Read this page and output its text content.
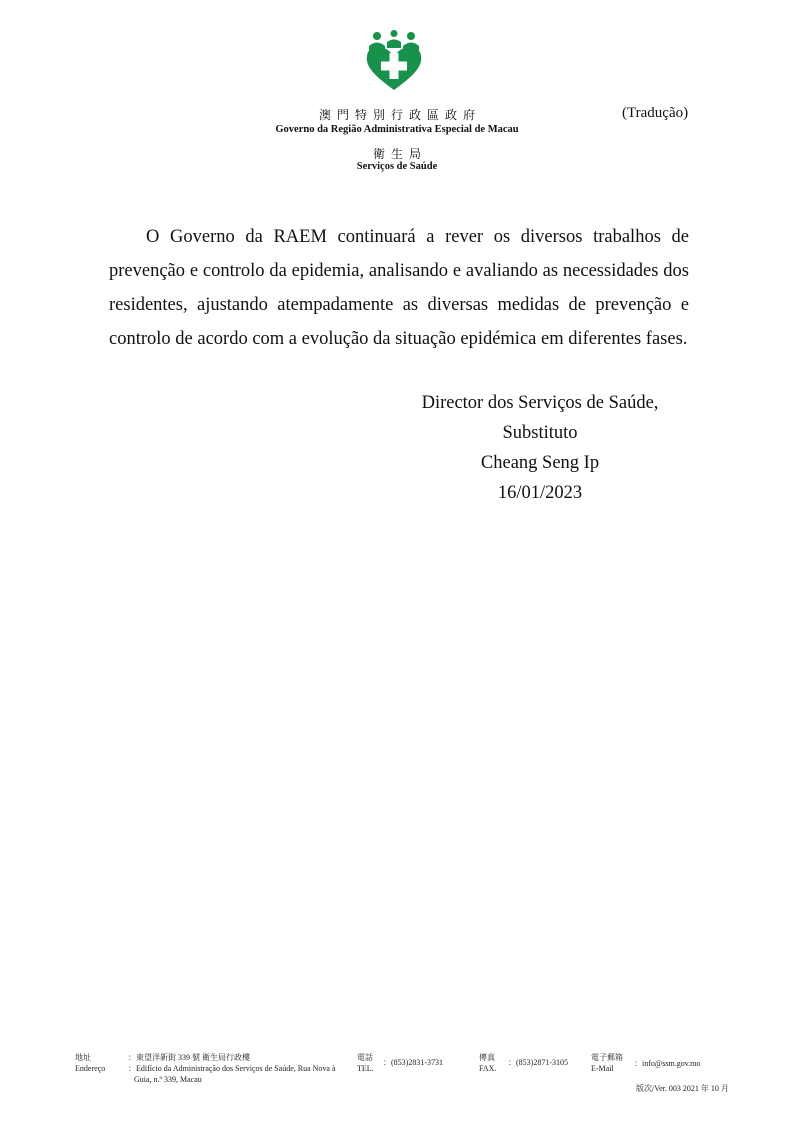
澳門特別行政區政府
Governo da Região Administrativa Especial de Macau
衛生局
Serviços de Saúde
(Tradução)

O Governo da RAEM continuará a rever os diversos trabalhos de prevenção e controlo da epidemia, analisando e avaliando as necessidades dos residentes, ajustando atempadamente as diversas medidas de prevenção e controlo de acordo com a evolução da situação epidémica em diferentes fases.

Director dos Serviços de Saúde,
Substituto
Cheang Seng Ip
16/01/2023
地址
Endereço
：東望洋新街 339 號 衛生局行政樓
：Edifício da Administração dos Serviços de Saúde, Rua Nova à
Guia, n.º 339, Macau
電話
TEL.
：(853)2831-3731
傳真
FAX.
：(853)2871-3105
電子郵箱
E-Mail
：info@ssm.gov.mo
版次/Ver. 003 2021 年 10 月
